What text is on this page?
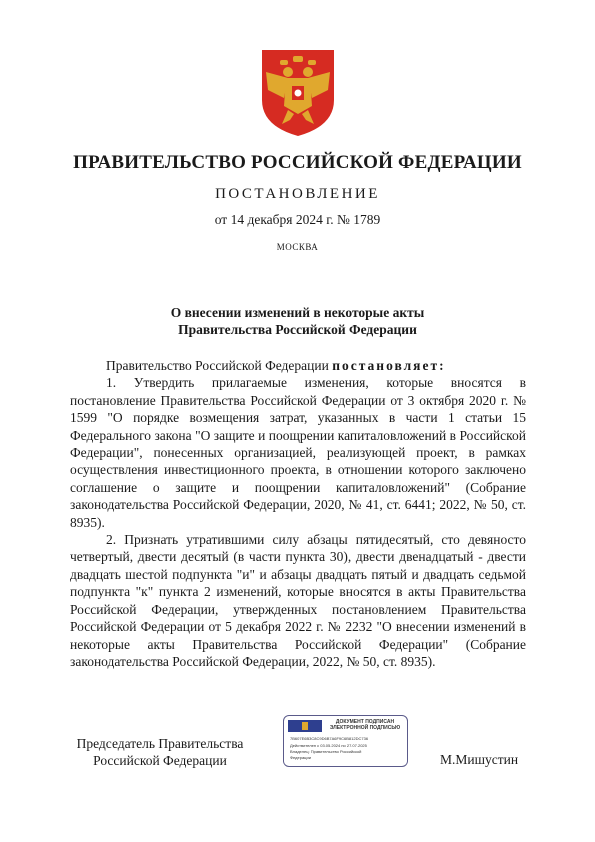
ПРАВИТЕЛЬСТВО РОССИЙСКОЙ ФЕДЕРАЦИИ
ПОСТАНОВЛЕНИЕ
от 14 декабря 2024 г. № 1789
МОСКВА
О внесении изменений в некоторые акты
Правительства Российской Федерации

Правительство Российской Федерации постановляет:

1. Утвердить прилагаемые изменения, которые вносятся в постановление Правительства Российской Федерации от 3 октября 2020 г. № 1599 "О порядке возмещения затрат, указанных в части 1 статьи 15 Федерального закона "О защите и поощрении капиталовложений в Российской Федерации", понесенных организацией, реализующей проект, в рамках осуществления инвестиционного проекта, в отношении которого заключено соглашение о защите и поощрении капиталовложений" (Собрание законодательства Российской Федерации, 2020, № 41, ст. 6441; 2022, № 50, ст. 8935).

2. Признать утратившими силу абзацы пятидесятый, сто девяносто четвертый, двести десятый (в части пункта 30), двести двенадцатый - двести двадцать шестой подпункта "и" и абзацы двадцать пятый и двадцать седьмой подпункта "к" пункта 2 изменений, которые вносятся в акты Правительства Российской Федерации, утвержденных постановлением Правительства Российской Федерации от 5 декабря 2022 г. № 2232 "О внесении изменений в некоторые акты Правительства Российской Федерации" (Собрание законодательства Российской Федерации, 2022, № 50, ст. 8935).

Председатель Правительства
Российской Федерации
ДОКУМЕНТ ПОДПИСАН
ЭЛЕКТРОННОЙ ПОДПИСЬЮ
7B607E6B3C8C9D6B7A6F9C6B812DC736
Действителен с 03.05.2024 по 27.07.2025
Владелец: Правительство Российской
Федерации	М.Мишустин
